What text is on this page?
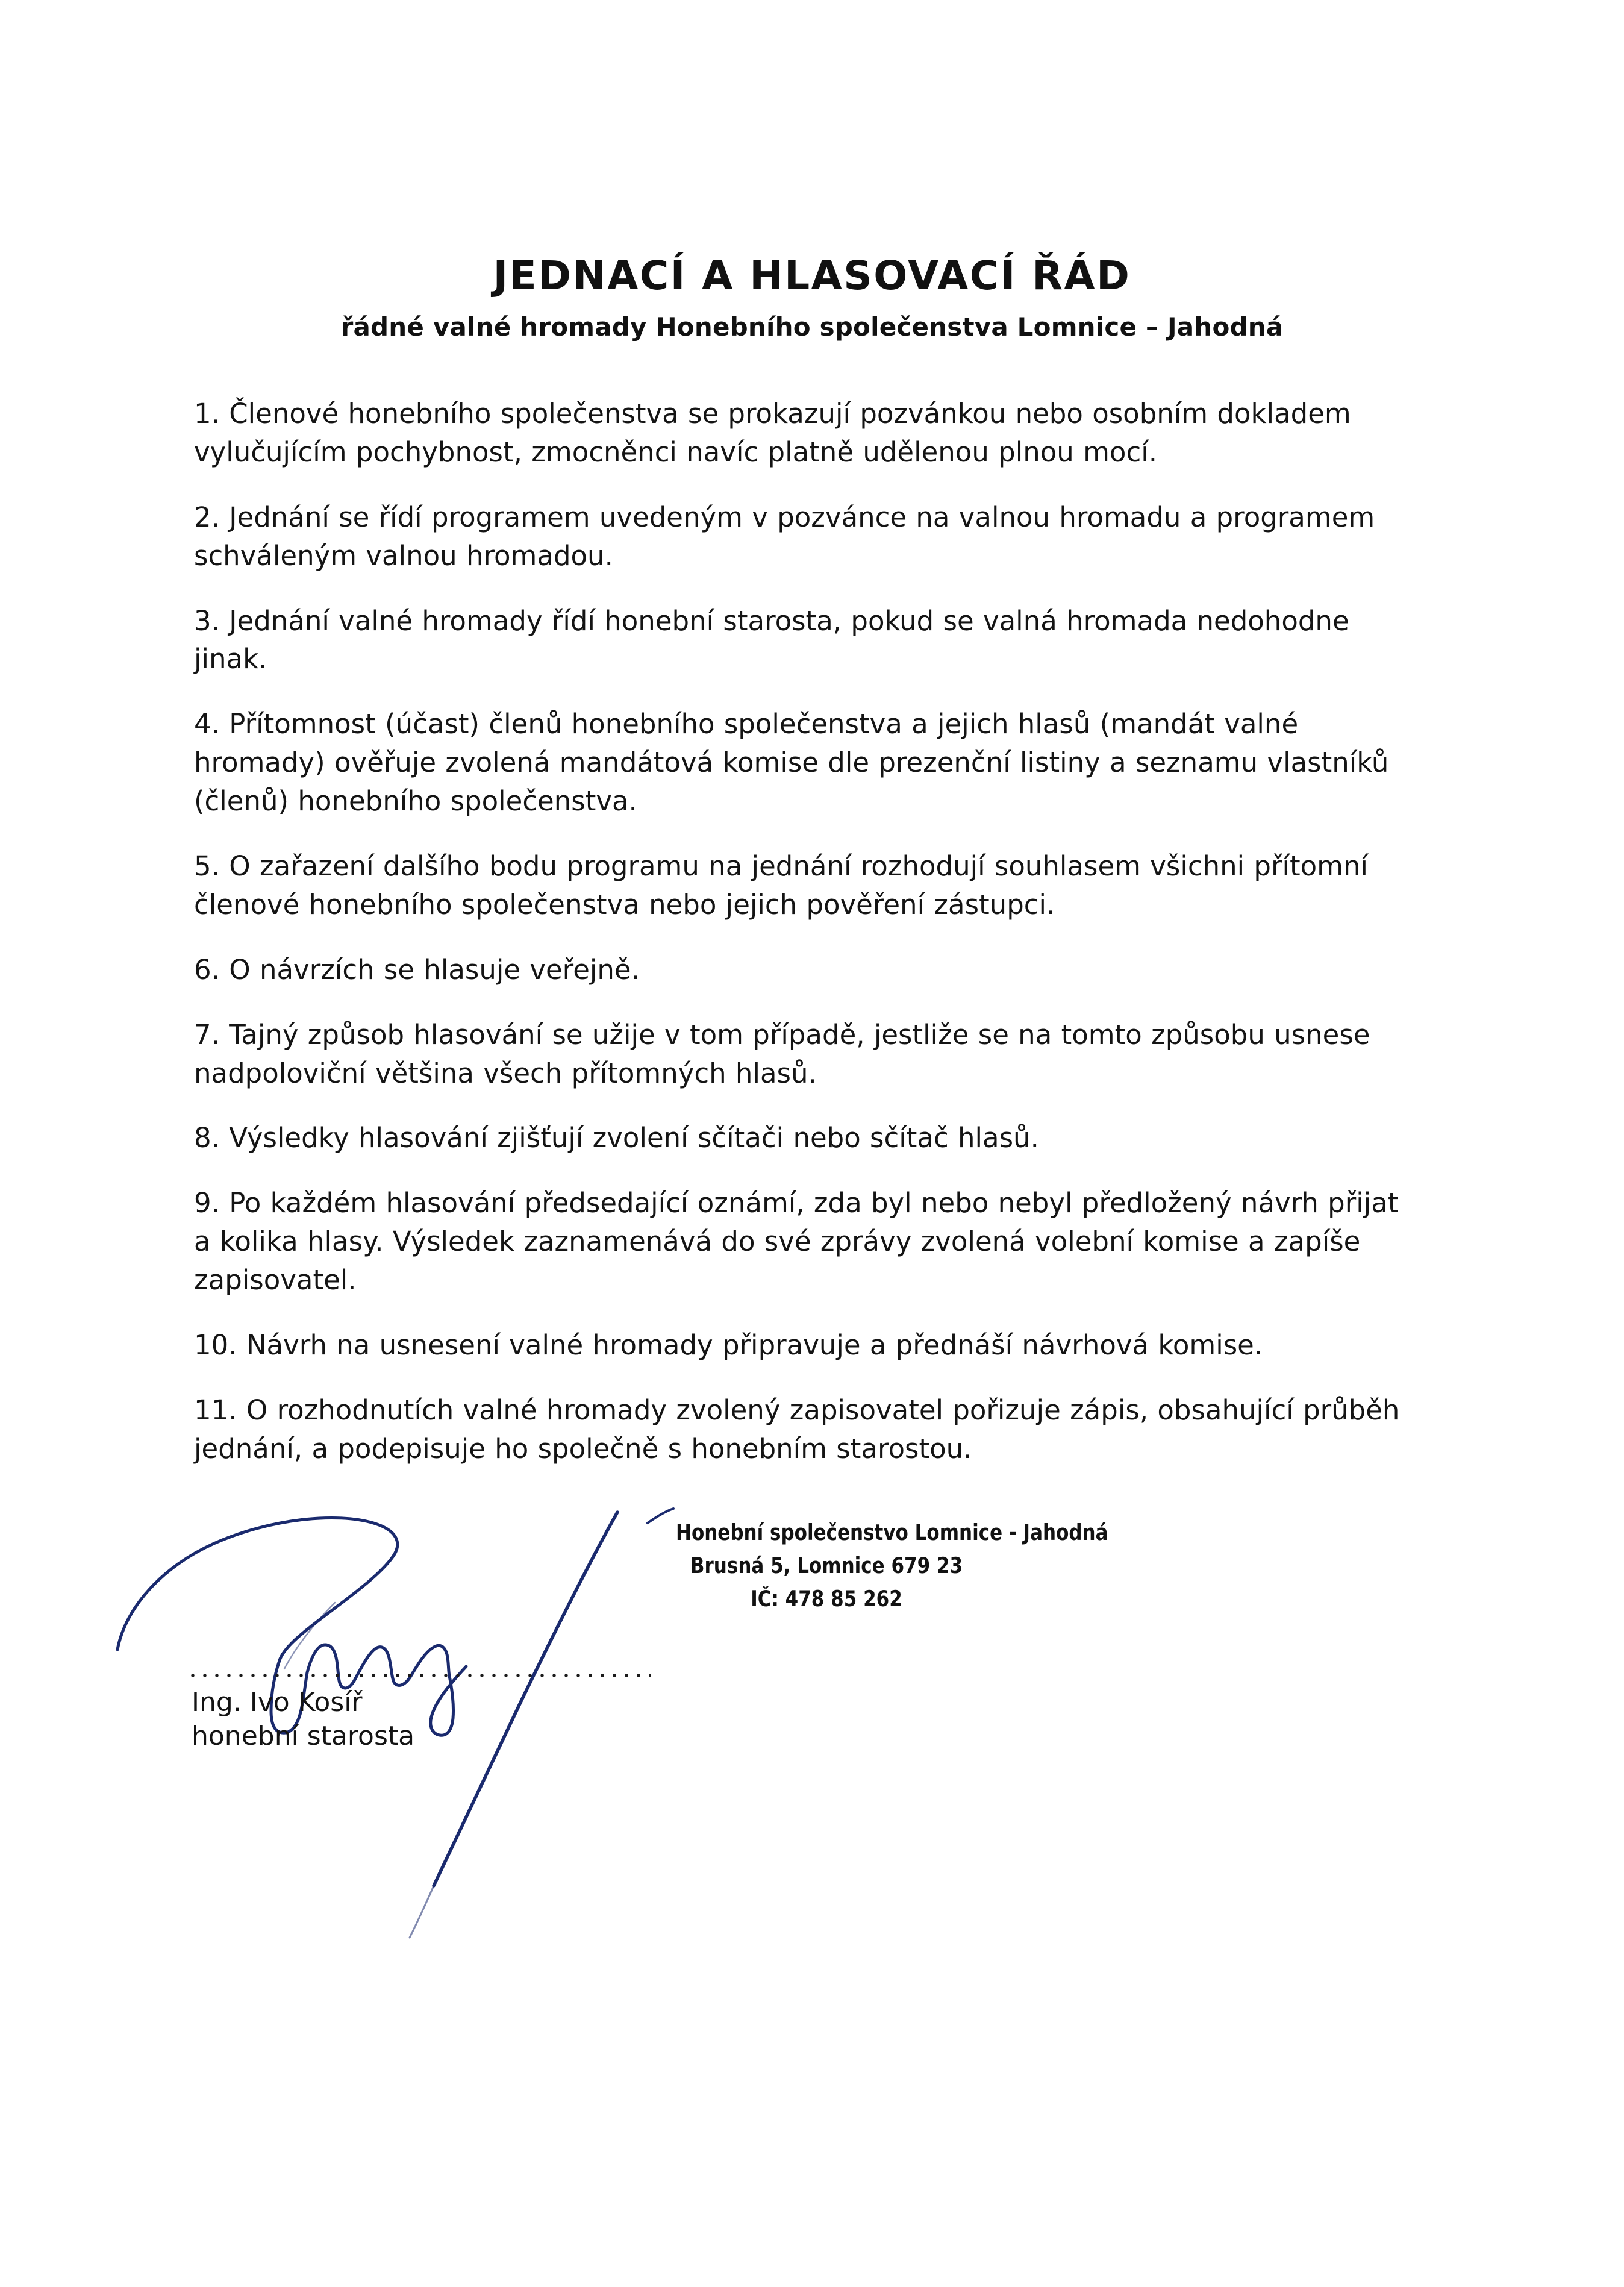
JEDNACÍ A HLASOVACÍ ŘÁD
řádné valné hromady Honebního společenstva Lomnice – Jahodná

1. Členové honebního společenstva se prokazují pozvánkou nebo osobním dokladem vylučujícím pochybnost, zmocněnci navíc platně udělenou plnou mocí.

2. Jednání se řídí programem uvedeným v pozvánce na valnou hromadu a programem schváleným valnou hromadou.

3. Jednání valné hromady řídí honební starosta, pokud se valná hromada nedohodne jinak.

4. Přítomnost (účast) členů honebního společenstva a jejich hlasů (mandát valné hromady) ověřuje zvolená mandátová komise dle prezenční listiny a seznamu vlastníků (členů) honebního společenstva.

5. O zařazení dalšího bodu programu na jednání rozhodují souhlasem všichni přítomní členové honebního společenstva nebo jejich pověření zástupci.

6. O návrzích se hlasuje veřejně.

7. Tajný způsob hlasování se užije v tom případě, jestliže se na tomto způsobu usnese nadpoloviční většina všech přítomných hlasů.

8. Výsledky hlasování zjišťují zvolení sčítači nebo sčítač hlasů.

9. Po každém hlasování předsedající oznámí, zda byl nebo nebyl předložený návrh přijat a kolika hlasy. Výsledek zaznamenává do své zprávy zvolená volební komise a zapíše zapisovatel.

10. Návrh na usnesení valné hromady připravuje a přednáší návrhová komise.

11. O rozhodnutích valné hromady zvolený zapisovatel pořizuje zápis, obsahující průběh jednání, a podepisuje ho společně s honebním starostou.

Ing. Ivo Kosíř

honební starosta

Honební společenstvo Lomnice - Jahodná

Brusná 5, Lomnice 679 23

IČ: 478 85 262
